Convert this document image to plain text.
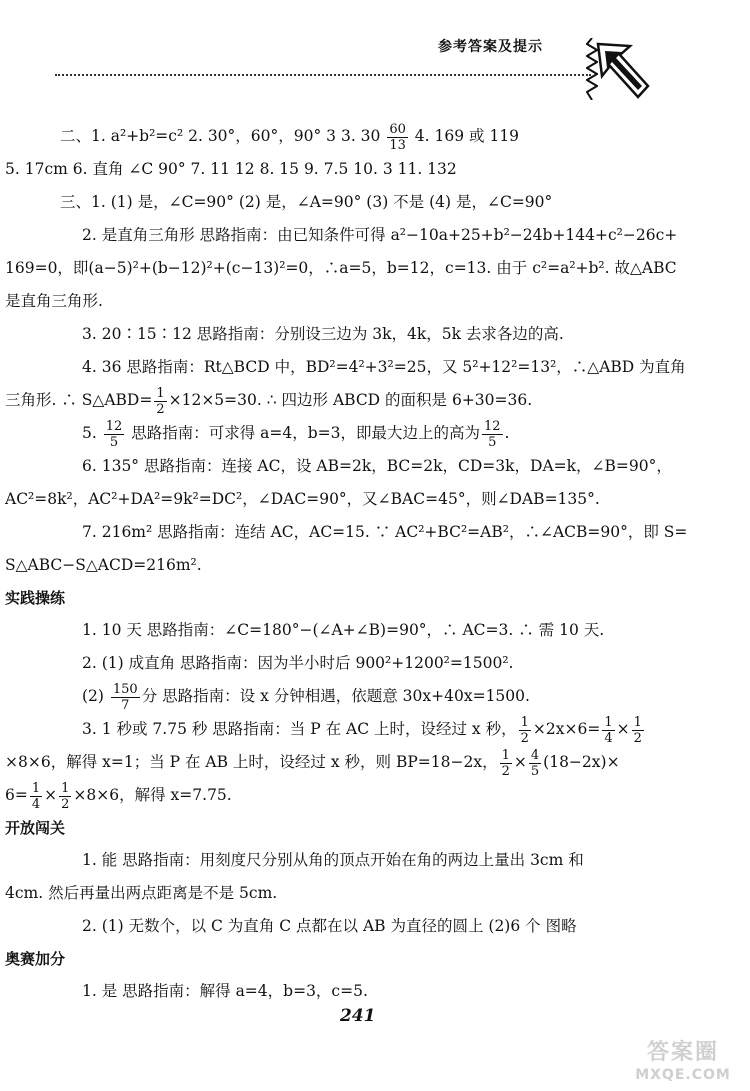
参考答案及提示
二、1. a²+b²=c² 2. 30°，60°，90° 3 3. $30 \frac{60}{13} 4$. 169 或 119
5. 17cm 6. 直角 ∠C 90° 7. 11 12 8. 15 9. 7.5 10. 3 11. 132
三、1. (1) 是，∠C=90° (2) 是，∠A=90° (3) 不是 (4) 是，∠C=90°
2. 是直角三角形 思路指南：由已知条件可得 a²−10a+25+b²−24b+144+c²−26c+
169=0，即(a−5)²+(b−12)²+(c−13)²=0，∴a=5，b=12，c=13. 由于 c²=a²+b². 故△ABC
是直角三角形.
3. 20∶15∶12 思路指南：分别设三边为 3k，4k，5k 去求各边的高.
4. 36 思路指南：Rt△BCD 中，BD²=4²+3²=25，又 5²+12²=13²，∴△ABD 为直角
三角形. ∴ S△ABD= $\frac{1}{2} \times 12\times 5=30$. ∴ 四边形 ABCD 的面积是 6+30=36.
5. $\frac{12}{5}$ 思路指南：可求得 a=4，b=3，即最大边上的高为 $\frac{12}{5}$ .
6. 135° 思路指南：连接 AC，设 AB=2k，BC=2k，CD=3k，DA=k，∠B=90°，
AC²=8k²，AC²+DA²=9k²=DC²，∠DAC=90°，又∠BAC=45°，则∠DAB=135°.
7. 216m² 思路指南：连结 AC，AC=15. ∵ AC²+BC²=AB²，∴∠ACB=90°，即 S=
S△ABC−S△ACD=216m².
实践操练
1. 10 天 思路指南：∠C=180°−(∠A+∠B)=90°，∴ AC=3. ∴ 需 10 天.
2. (1) 成直角 思路指南：因为半小时后 900²+1200²=1500².
$(2) \frac{150}{7}$ 分 思路指南：设 x 分钟相遇，依题意 30x+40x=1500.
3. 1 秒或 7.75 秒 思路指南：当 P 在 AC 上时，设经过 x 秒， $\frac{1}{2} \times 2x\times 6= \frac{1}{4} \times \frac{1}{2}$
×8×6，解得 x=1；当 P 在 AB 上时，设经过 x 秒，则 BP=18−2x， $\frac{1}{2} \times \frac{4}{5} (18-2x)\times$
$6= \frac{1}{4} \times \frac{1}{2} \times 8\times 6$，解得 x=7.75.
开放闯关
1. 能 思路指南：用刻度尺分别从角的顶点开始在角的两边上量出 3cm 和
4cm. 然后再量出两点距离是不是 5cm.
2. (1) 无数个，以 C 为直角 C 点都在以 AB 为直径的圆上 (2)6 个 图略
奥赛加分
1. 是 思路指南：解得 a=4，b=3，c=5.
241
答案圈
MXQE.COM
